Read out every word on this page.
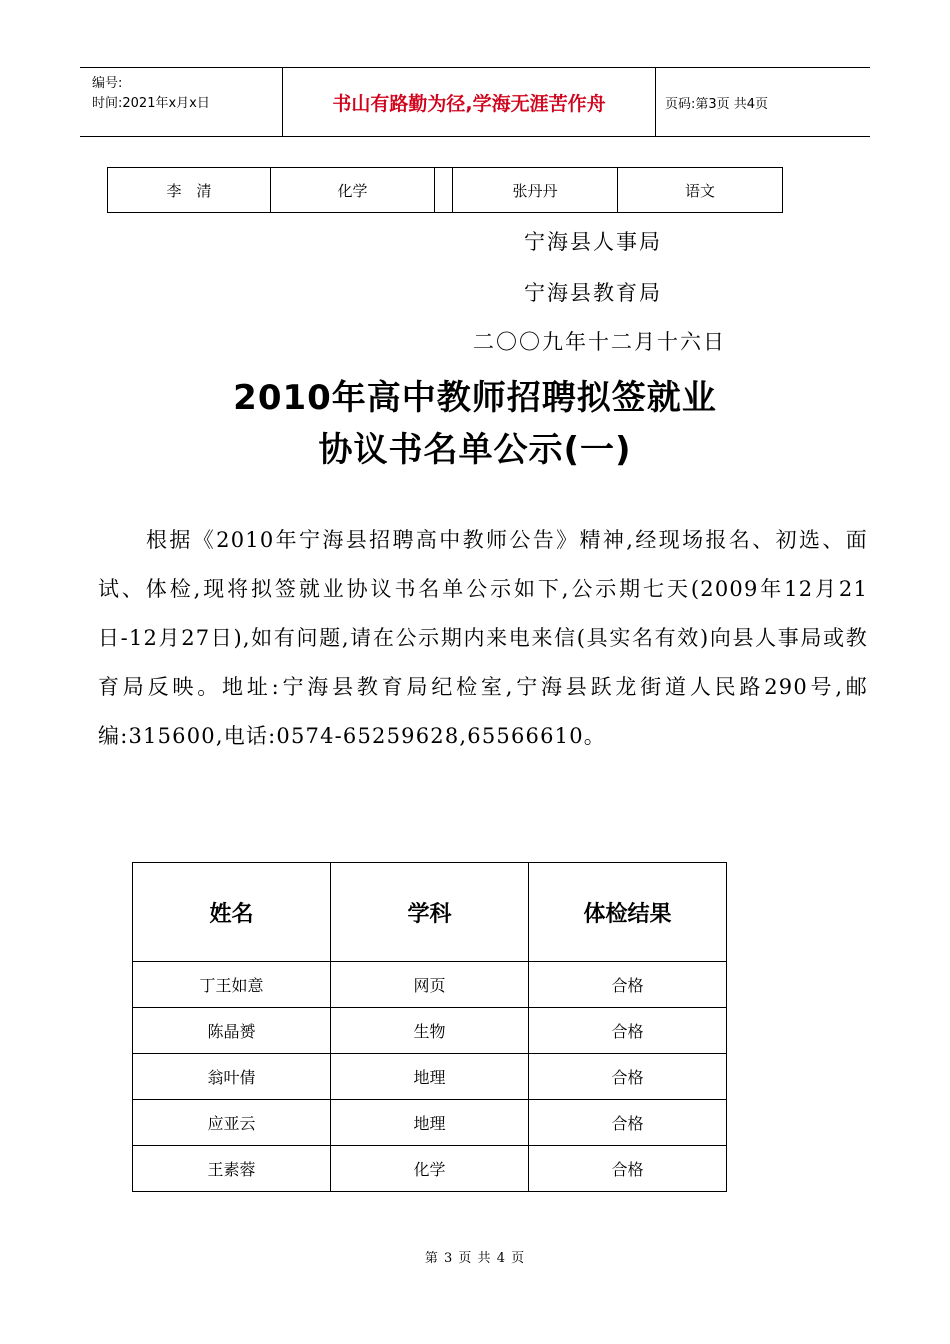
编号:
时间:2021年x月x日	书山有路勤为径,学海无涯苦作舟	页码:第3页 共4页
李　清	化学		张丹丹	语文
宁海县人事局
宁海县教育局
二〇〇九年十二月十六日
2010年高中教师招聘拟签就业
协议书名单公示(一)
根据《2010年宁海县招聘高中教师公告》精神,经现场报名、初选、面试、体检,现将拟签就业协议书名单公示如下,公示期七天(2009年12月21日-12月27日),如有问题,请在公示期内来电来信(具实名有效)向县人事局或教育局反映。地址:宁海县教育局纪检室,宁海县跃龙街道人民路290号,邮编:315600,电话:0574-65259628,65566610。
姓名	学科	体检结果
丁王如意	网页	合格
陈晶赟	生物	合格
翁叶倩	地理	合格
应亚云	地理	合格
王素蓉	化学	合格
第 3 页 共 4 页
